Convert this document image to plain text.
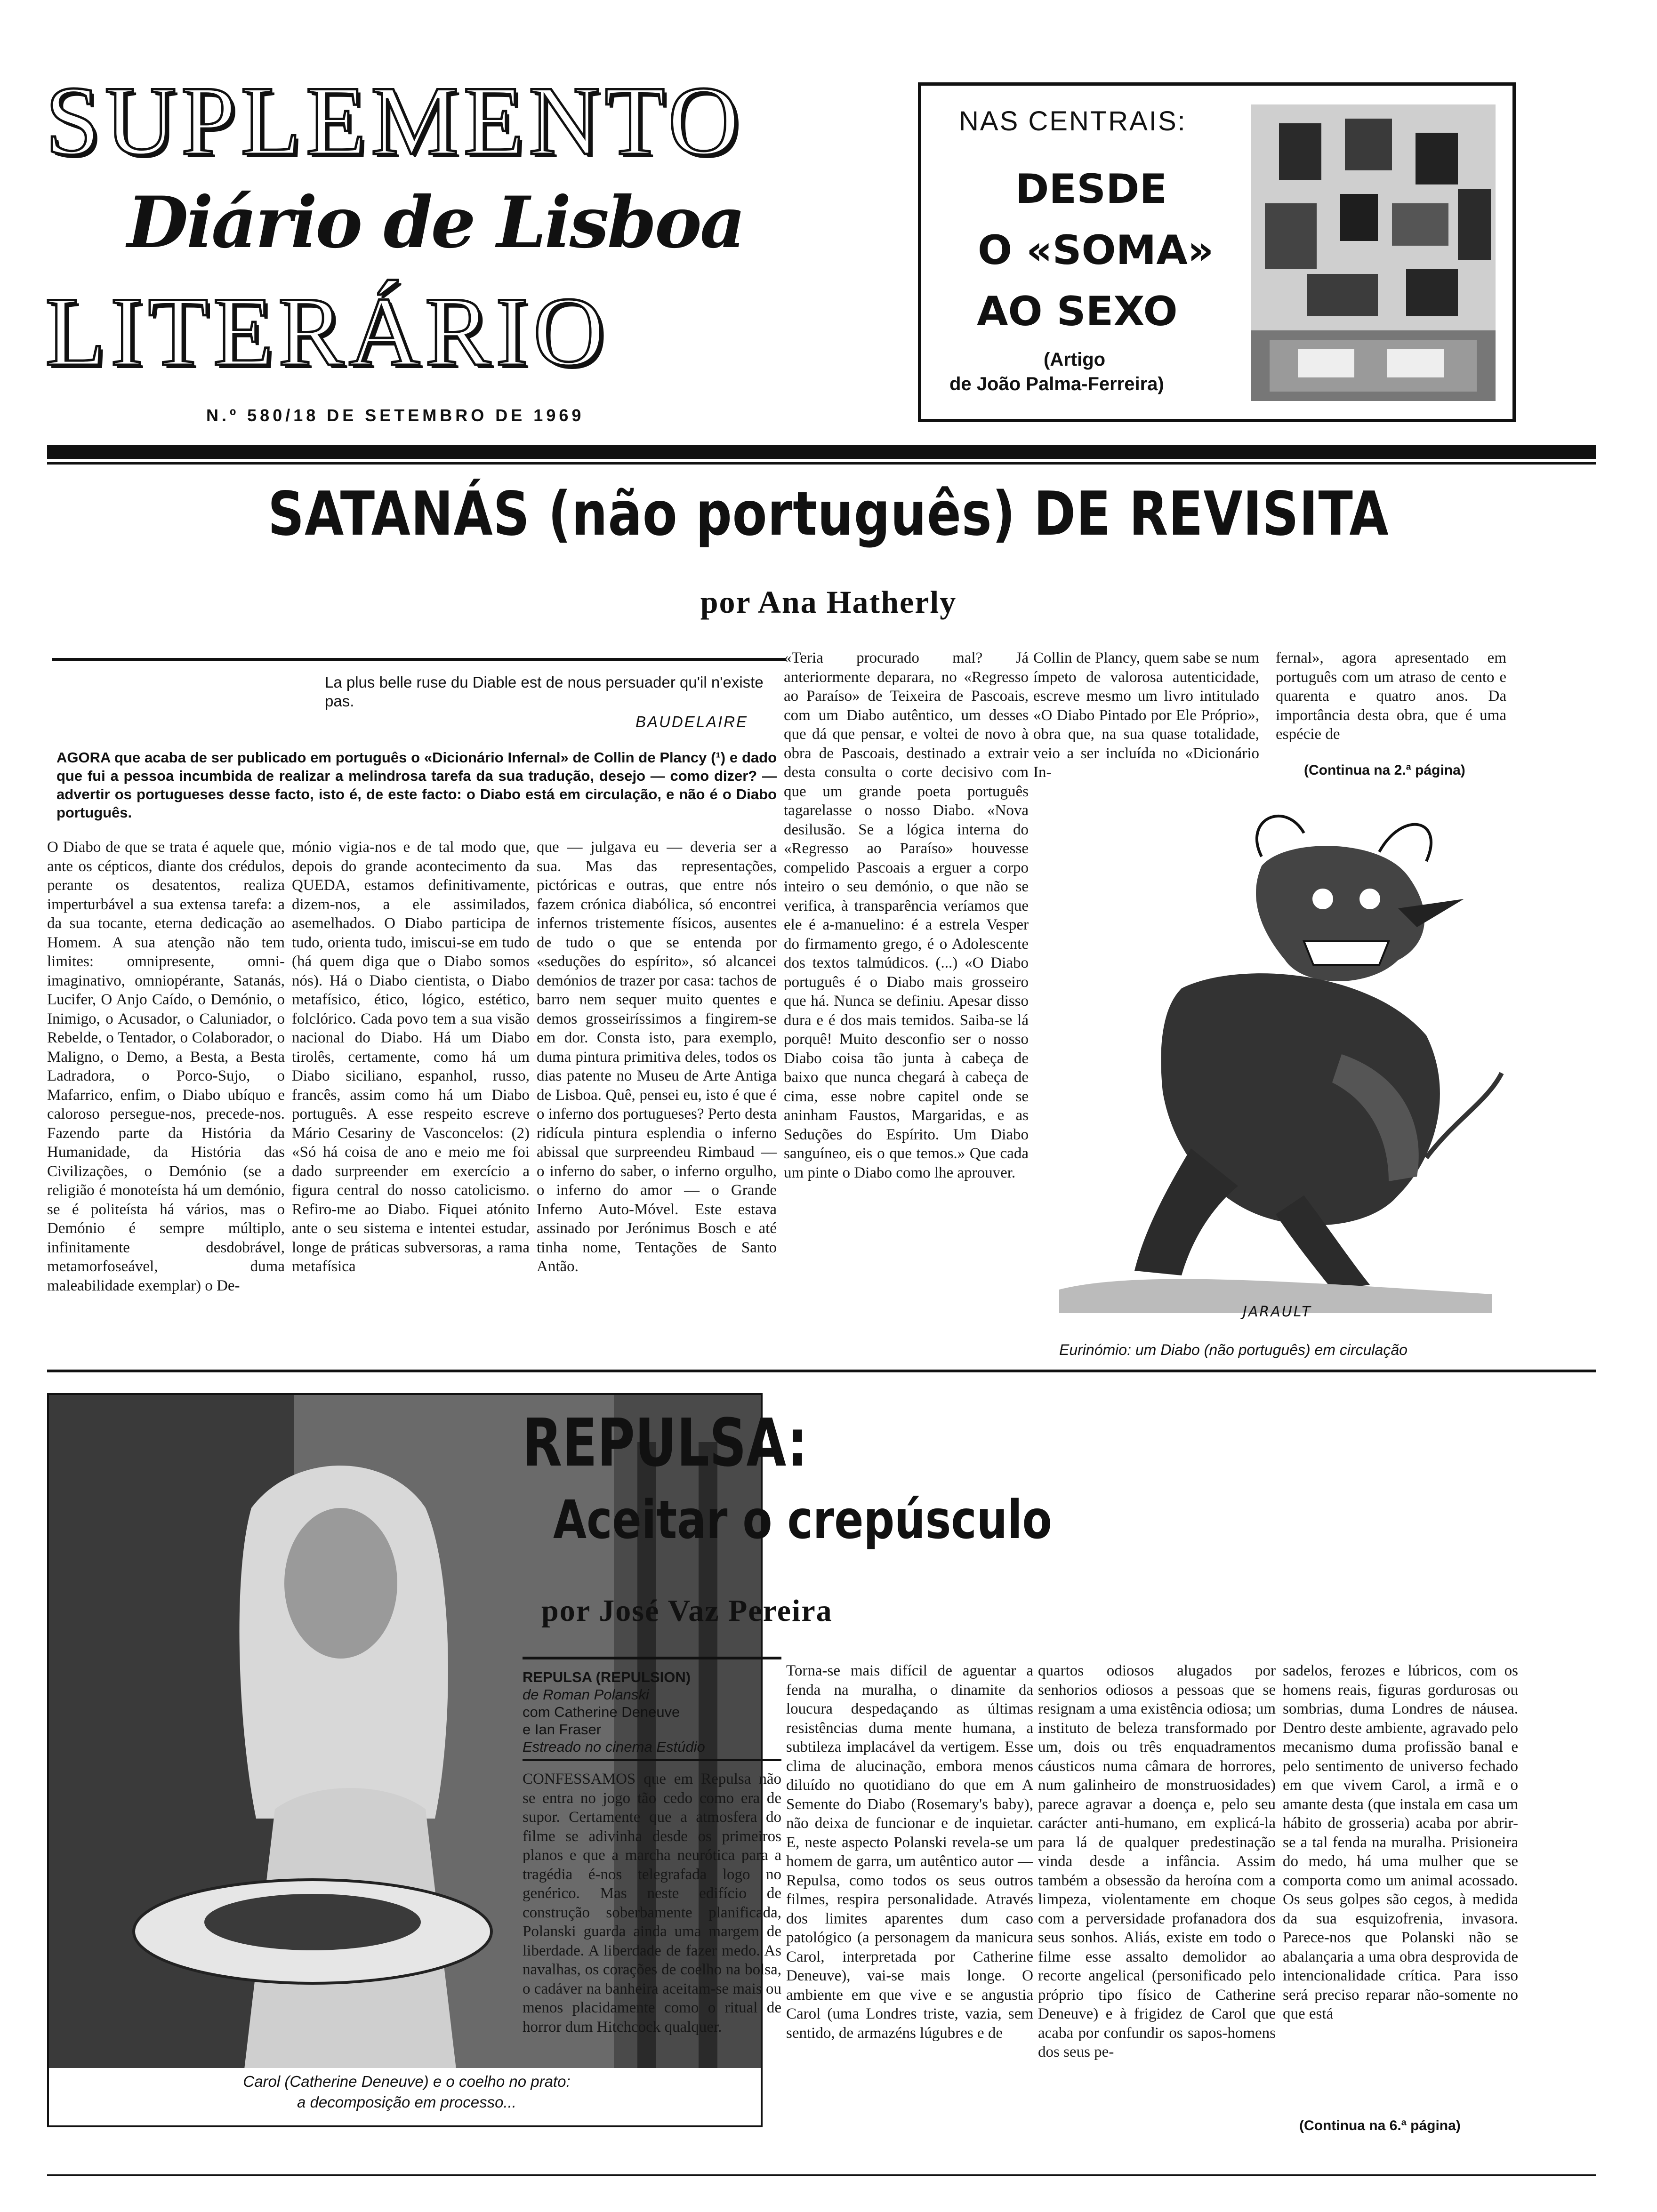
SUPLEMENTO
Diário de Lisboa
LITERÁRIO
N.º 580/18 DE SETEMBRO DE 1969
NAS CENTRAIS:
DESDE
O «SOMA»
AO SEXO
(Artigo
de João Palma-Ferreira)
SATANÁS (não português) DE REVISITA
por Ana Hatherly
La plus belle ruse du Diable est de nous persuader qu'il n'existe pas.
BAUDELAIRE
AGORA que acaba de ser publicado em português o «Dicionário Infernal» de Collin de Plancy (¹) e dado que fui a pessoa incumbida de realizar a melindrosa tarefa da sua tradução, desejo — como dizer? — advertir os portugueses desse facto, isto é, de este facto: o Diabo está em circulação, e não é o Diabo português.

O Diabo de que se trata é aquele que, ante os cépticos, diante dos crédulos, perante os desatentos, realiza imperturbável a sua extensa tarefa: a da sua tocante, eterna dedicação ao Homem. A sua atenção não tem limites: omnipresente, omni-imaginativo, omniopérante, Satanás, Lucifer, O Anjo Caído, o Demónio, o Inimigo, o Acusador, o Caluniador, o Rebelde, o Tentador, o Colaborador, o Maligno, o Demo, a Besta, a Besta Ladradora, o Porco-Sujo, o Mafarrico, enfim, o Diabo ubíquo e caloroso persegue-nos, precede-nos. Fazendo parte da História da Humanidade, da História das Civilizações, o Demónio (se a religião é monoteísta há um demónio, se é politeísta há vários, mas o Demónio é sempre múltiplo, infinitamente desdobrável, metamorfoseável, duma maleabilidade exemplar) o De-

mónio vigia-nos e de tal modo que, depois do grande acontecimento da QUEDA, estamos definitivamente, dizem-nos, a ele assimilados, asemelhados. O Diabo participa de tudo, orienta tudo, imiscui-se em tudo (há quem diga que o Diabo somos nós). Há o Diabo cientista, o Diabo metafísico, ético, lógico, estético, folclórico. Cada povo tem a sua visão nacional do Diabo. Há um Diabo tirolês, certamente, como há um Diabo siciliano, espanhol, russo, francês, assim como há um Diabo português. A esse respeito escreve Mário Cesariny de Vasconcelos: (2) «Só há coisa de ano e meio me foi dado surpreender em exercício a figura central do nosso catolicismo. Refiro-me ao Diabo. Fiquei atónito ante o seu sistema e intentei estudar, longe de práticas subversoras, a rama metafísica

que — julgava eu — deveria ser a sua. Mas das representações, pictóricas e outras, que entre nós fazem crónica diabólica, só encontrei infernos tristemente físicos, ausentes de tudo o que se entenda por «seduções do espírito», só alcancei demónios de trazer por casa: tachos de barro nem sequer muito quentes e demos grosseiríssimos a fingirem-se em dor. Consta isto, para exemplo, duma pintura primitiva deles, todos os dias patente no Museu de Arte Antiga de Lisboa. Quê, pensei eu, isto é que é o inferno dos portugueses? Perto desta ridícula pintura esplendia o inferno abissal que surpreendeu Rimbaud — o inferno do saber, o inferno orgulho, o inferno do amor — o Grande Inferno Auto-Móvel. Este estava assinado por Jerónimus Bosch e até tinha nome, Tentações de Santo Antão.

«Teria procurado mal? Já anteriormente deparara, no «Regresso ao Paraíso» de Teixeira de Pascoais, com um Diabo autêntico, um desses que dá que pensar, e voltei de novo à obra de Pascoais, destinado a extrair desta consulta o corte decisivo com que um grande poeta português tagarelasse o nosso Diabo. «Nova desilusão. Se a lógica interna do «Regresso ao Paraíso» houvesse compelido Pascoais a erguer a corpo inteiro o seu demónio, o que não se verifica, à transparência veríamos que ele é a-manuelino: é a estrela Vesper do firmamento grego, é o Adolescente dos textos talmúdicos. (...) «O Diabo português é o Diabo mais grosseiro que há. Nunca se definiu. Apesar disso dura e é dos mais temidos. Saiba-se lá porquê! Muito desconfio ser o nosso Diabo coisa tão junta à cabeça de baixo que nunca chegará à cabeça de cima, esse nobre capitel onde se aninham Faustos, Margaridas, e as Seduções do Espírito. Um Diabo sanguíneo, eis o que temos.» Que cada um pinte o Diabo como lhe aprouver.

Collin de Plancy, quem sabe se num ímpeto de valorosa autenticidade, escreve mesmo um livro intitulado «O Diabo Pintado por Ele Próprio», obra que, na sua quase totalidade, veio a ser incluída no «Dicionário In-

fernal», agora apresentado em português com um atraso de cento e quarenta e quatro anos. Da importância desta obra, que é uma espécie de

(Continua na 2.ª página)
JARAULT
Eurinómio: um Diabo (não português) em circulação
Carol (Catherine Deneuve) e o coelho no prato:
a decomposição em processo...
REPULSA:
Aceitar o crepúsculo
por José Vaz Pereira
REPULSA (REPULSION)
de Roman Polanski
com Catherine Deneuve
e Ian Fraser
Estreado no cinema Estúdio

CONFESSAMOS que em Repulsa não se entra no jogo tão cedo como era de supor. Certamente que a atmosfera do filme se adivinha desde os primeiros planos e que a marcha neurótica para a tragédia é-nos telegrafada logo no genérico. Mas neste edifício de construção soberbamente planificada, Polanski guarda ainda uma margem de liberdade. A liberdade de fazer medo. As navalhas, os corações de coelho na bolsa, o cadáver na banheira aceitam-se mais ou menos placidamente como o ritual de horror dum Hitchcock qualquer.

Torna-se mais difícil de aguentar a fenda na muralha, o dinamite da loucura despedaçando as últimas resistências duma mente humana, a subtileza implacável da vertigem. Esse clima de alucinação, embora menos diluído no quotidiano do que em A Semente do Diabo (Rosemary's baby), não deixa de funcionar e de inquietar. E, neste aspecto Polanski revela-se um homem de garra, um autêntico autor — Repulsa, como todos os seus outros filmes, respira personalidade. Através dos limites aparentes dum caso patológico (a personagem da manicura Carol, interpretada por Catherine Deneuve), vai-se mais longe. O ambiente em que vive e se angustia Carol (uma Londres triste, vazia, sem sentido, de armazéns lúgubres e de

quartos odiosos alugados por senhorios odiosos a pessoas que se resignam a uma existência odiosa; um instituto de beleza transformado por um, dois ou três enquadramentos cáusticos numa câmara de horrores, num galinheiro de monstruosidades) parece agravar a doença e, pelo seu carácter anti-humano, em explicá-la para lá de qualquer predestinação vinda desde a infância. Assim também a obsessão da heroína com a limpeza, violentamente em choque com a perversidade profanadora dos seus sonhos. Aliás, existe em todo o filme esse assalto demolidor ao recorte angelical (personificado pelo próprio tipo físico de Catherine Deneuve) e à frigidez de Carol que acaba por confundir os sapos-homens dos seus pe-

sadelos, ferozes e lúbricos, com os homens reais, figuras gordurosas ou sombrias, duma Londres de náusea. Dentro deste ambiente, agravado pelo mecanismo duma profissão banal e pelo sentimento de universo fechado em que vivem Carol, a irmã e o amante desta (que instala em casa um hábito de grosseria) acaba por abrir-se a tal fenda na muralha. Prisioneira do medo, há uma mulher que se comporta como um animal acossado. Os seus golpes são cegos, à medida da sua esquizofrenia, invasora. Parece-nos que Polanski não se abalançaria a uma obra desprovida de intencionalidade crítica. Para isso será preciso reparar não-somente no que está

(Continua na 6.ª página)
